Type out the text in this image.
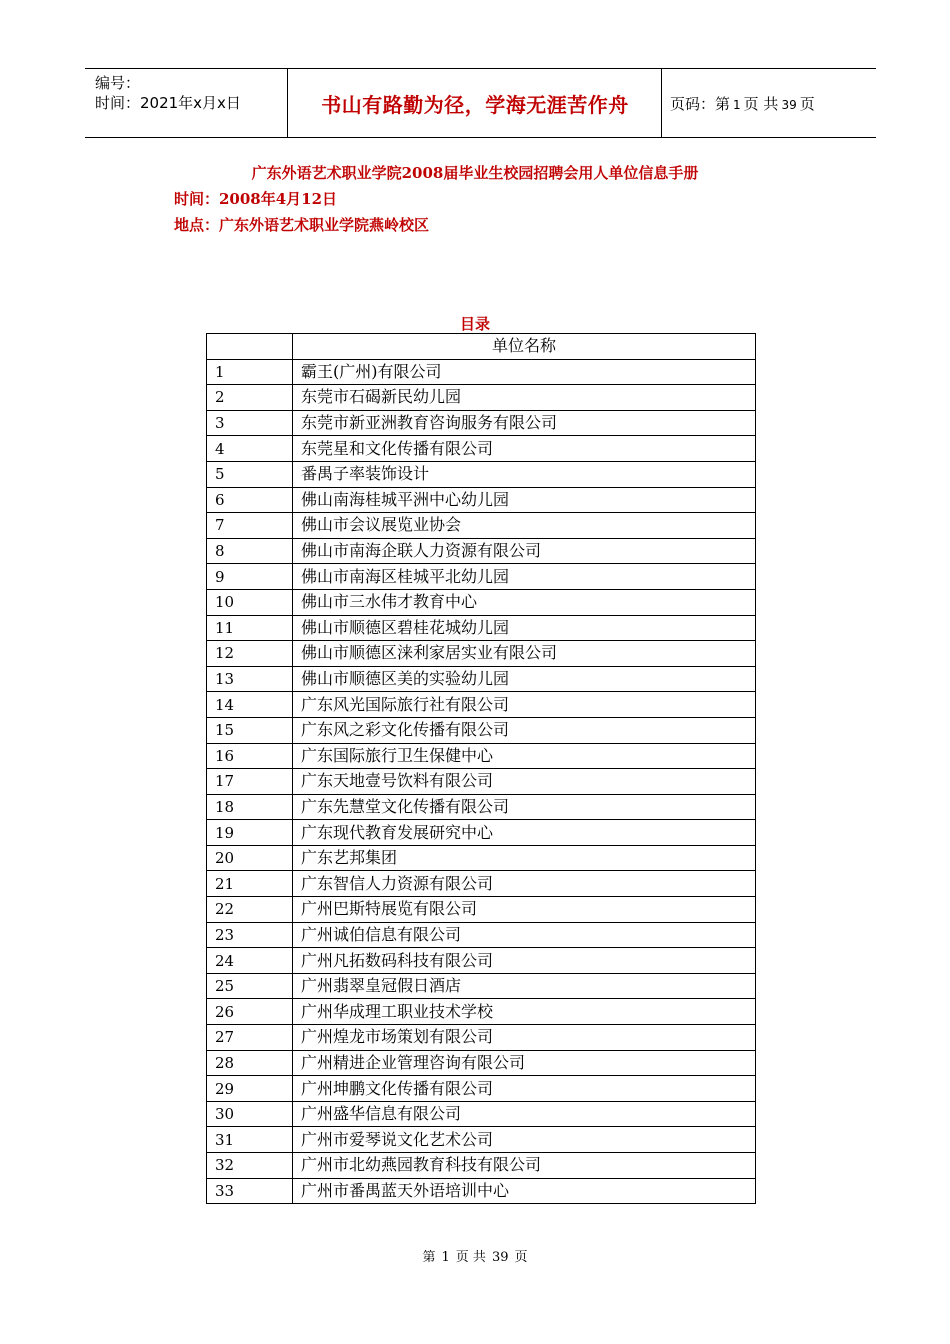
编号：
时间：2021年x月x日	书山有路勤为径，学海无涯苦作舟	页码：第 1 页 共 39 页
广东外语艺术职业学院2008届毕业生校园招聘会用人单位信息手册
时间：2008年4月12日
地点：广东外语艺术职业学院燕岭校区
目录
	单位名称
1	霸王(广州)有限公司
2	东莞市石碣新民幼儿园
3	东莞市新亚洲教育咨询服务有限公司
4	东莞星和文化传播有限公司
5	番禺子率装饰设计
6	佛山南海桂城平洲中心幼儿园
7	佛山市会议展览业协会
8	佛山市南海企联人力资源有限公司
9	佛山市南海区桂城平北幼儿园
10	佛山市三水伟才教育中心
11	佛山市顺德区碧桂花城幼儿园
12	佛山市顺德区涞利家居实业有限公司
13	佛山市顺德区美的实验幼儿园
14	广东风光国际旅行社有限公司
15	广东风之彩文化传播有限公司
16	广东国际旅行卫生保健中心
17	广东天地壹号饮料有限公司
18	广东先慧堂文化传播有限公司
19	广东现代教育发展研究中心
20	广东艺邦集团
21	广东智信人力资源有限公司
22	广州巴斯特展览有限公司
23	广州诚伯信息有限公司
24	广州凡拓数码科技有限公司
25	广州翡翠皇冠假日酒店
26	广州华成理工职业技术学校
27	广州煌龙市场策划有限公司
28	广州精进企业管理咨询有限公司
29	广州坤鹏文化传播有限公司
30	广州盛华信息有限公司
31	广州市爱琴说文化艺术公司
32	广州市北幼燕园教育科技有限公司
33	广州市番禺蓝天外语培训中心
第 1 页 共 39 页
